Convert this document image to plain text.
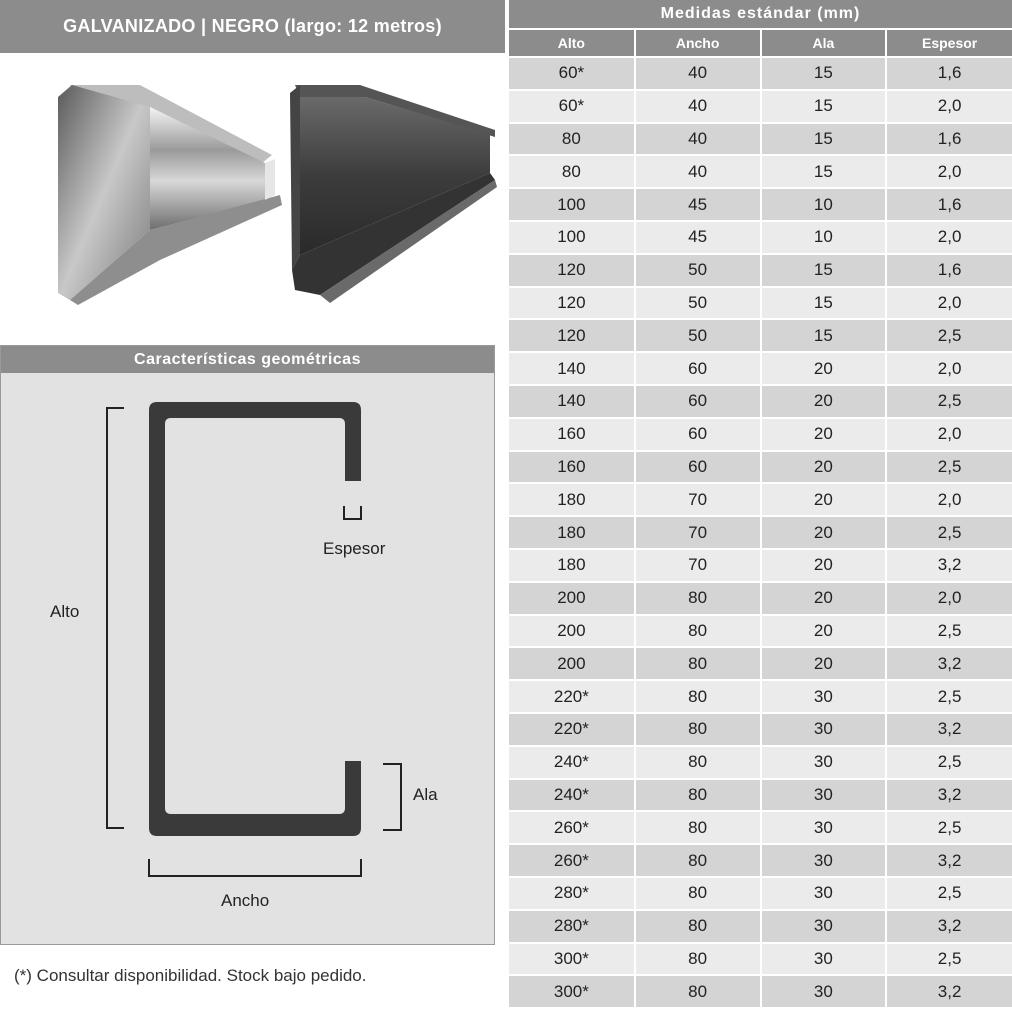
GALVANIZADO | NEGRO (largo: 12 metros)
Características geométricas
Alto
Ancho
Ala
Espesor
(*) Consultar disponibilidad. Stock bajo pedido.
Medidas estándar (mm)			
Alto	Ancho	Ala	Espesor
60*	40	15	1,6
60*	40	15	2,0
80	40	15	1,6
80	40	15	2,0
100	45	10	1,6
100	45	10	2,0
120	50	15	1,6
120	50	15	2,0
120	50	15	2,5
140	60	20	2,0
140	60	20	2,5
160	60	20	2,0
160	60	20	2,5
180	70	20	2,0
180	70	20	2,5
180	70	20	3,2
200	80	20	2,0
200	80	20	2,5
200	80	20	3,2
220*	80	30	2,5
220*	80	30	3,2
240*	80	30	2,5
240*	80	30	3,2
260*	80	30	2,5
260*	80	30	3,2
280*	80	30	2,5
280*	80	30	3,2
300*	80	30	2,5
300*	80	30	3,2
